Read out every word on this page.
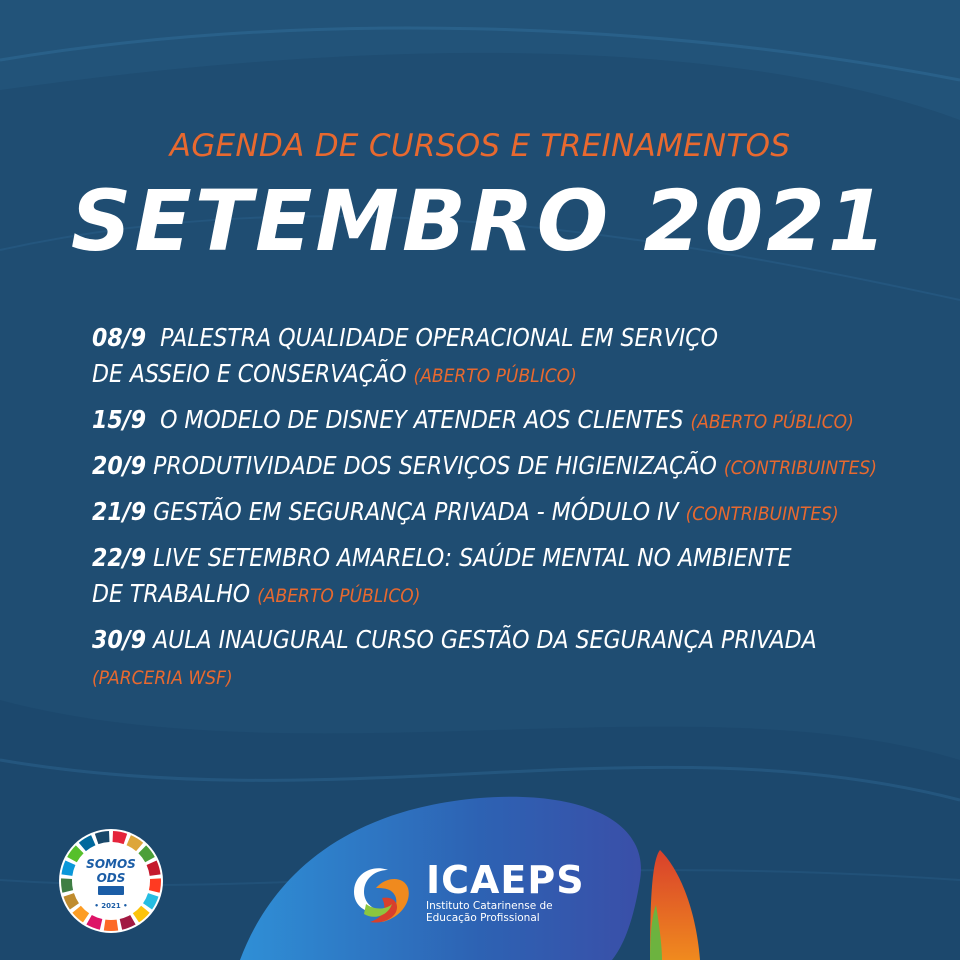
AGENDA DE CURSOS E TREINAMENTOS
SETEMBRO 2021
08/9 PALESTRA QUALIDADE OPERACIONAL EM SERVIÇO
DE ASSEIO E CONSERVAÇÃO (ABERTO PÚBLICO)
15/9 O MODELO DE DISNEY ATENDER AOS CLIENTES (ABERTO PÚBLICO)
20/9 PRODUTIVIDADE DOS SERVIÇOS DE HIGIENIZAÇÃO (CONTRIBUINTES)
21/9 GESTÃO EM SEGURANÇA PRIVADA - MÓDULO IV (CONTRIBUINTES)
22/9 LIVE SETEMBRO AMARELO: SAÚDE MENTAL NO AMBIENTE
DE TRABALHO (ABERTO PÚBLICO)
30/9 AULA INAUGURAL CURSO GESTÃO DA SEGURANÇA PRIVADA
(PARCERIA WSF)
SOMOS
ODS
• 2021 •
ICAEPS
Instituto Catarinense de
Educação Profissional
